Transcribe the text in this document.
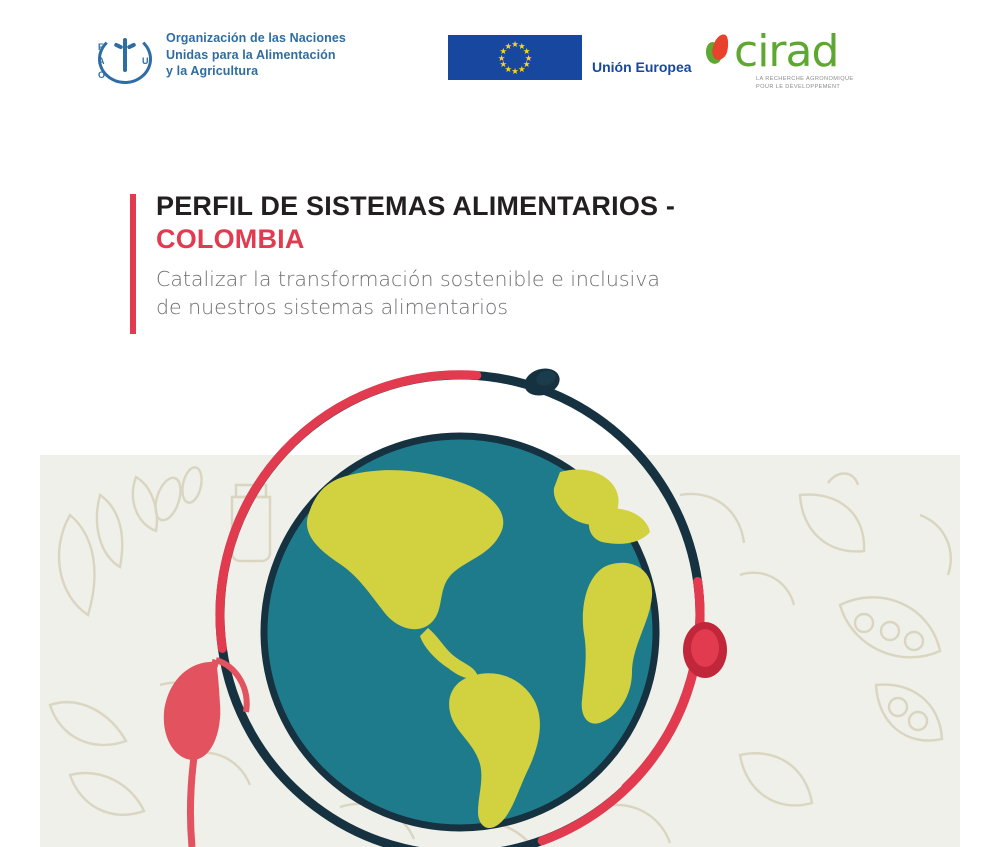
F
A
O
U
Organización de las Naciones
Unidas para la Alimentación
y la Agricultura
★ ★
★
★
★
★
★
★
★
★
★
★
Unión Europea cirad
LA RECHERCHE AGRONOMIQUE
POUR LE DÉVELOPPEMENT
PERFIL DE SISTEMAS ALIMENTARIOS -
COLOMBIA
Catalizar la transformación sostenible e inclusiva
de nuestros sistemas alimentarios
